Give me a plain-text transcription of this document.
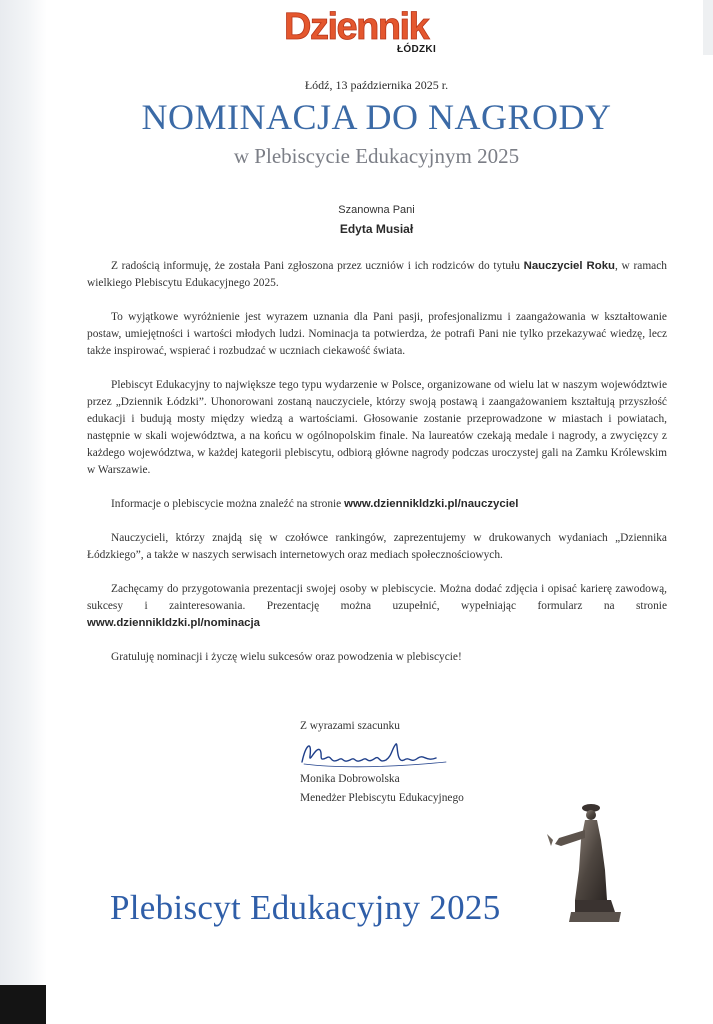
Dziennik
ŁÓDZKI
Łódź, 13 października 2025 r.
NOMINACJA DO NAGRODY
w Plebiscycie Edukacyjnym 2025
Szanowna Pani
Edyta Musiał

Z radością informuję, że została Pani zgłoszona przez uczniów i ich rodziców do tytułu Nauczyciel Roku, w ramach wielkiego Plebiscytu Edukacyjnego 2025.

To wyjątkowe wyróżnienie jest wyrazem uznania dla Pani pasji, profesjonalizmu i zaangażowania w kształtowanie postaw, umiejętności i wartości młodych ludzi. Nominacja ta potwierdza, że potrafi Pani nie tylko przekazywać wiedzę, lecz także inspirować, wspierać i rozbudzać w uczniach ciekawość świata.

Plebiscyt Edukacyjny to największe tego typu wydarzenie w Polsce, organizowane od wielu lat w naszym województwie przez „Dziennik Łódzki”. Uhonorowani zostaną nauczyciele, którzy swoją postawą i zaangażowaniem kształtują przyszłość edukacji i budują mosty między wiedzą a wartościami. Głosowanie zostanie przeprowadzone w miastach i powiatach, następnie w skali województwa, a na końcu w ogólnopolskim finale. Na laureatów czekają medale i nagrody, a zwycięzcy z każdego województwa, w każdej kategorii plebiscytu, odbiorą główne nagrody podczas uroczystej gali na Zamku Królewskim w Warszawie.

Informacje o plebiscycie można znaleźć na stronie www.dziennikldzki.pl/nauczyciel

Nauczycieli, którzy znajdą się w czołówce rankingów, zaprezentujemy w drukowanych wydaniach „Dziennika Łódzkiego”, a także w naszych serwisach internetowych oraz mediach społecznościowych.

Zachęcamy do przygotowania prezentacji swojej osoby w plebiscycie. Można dodać zdjęcia i opisać karierę zawodową, sukcesy i zainteresowania. Prezentację można uzupełnić, wypełniając formularz na stronie www.dziennikldzki.pl/nominacja

Gratuluję nominacji i życzę wielu sukcesów oraz powodzenia w plebiscycie!

Z wyrazami szacunku
Monika Dobrowolska
Menedżer Plebiscytu Edukacyjnego
Plebiscyt Edukacyjny 2025
